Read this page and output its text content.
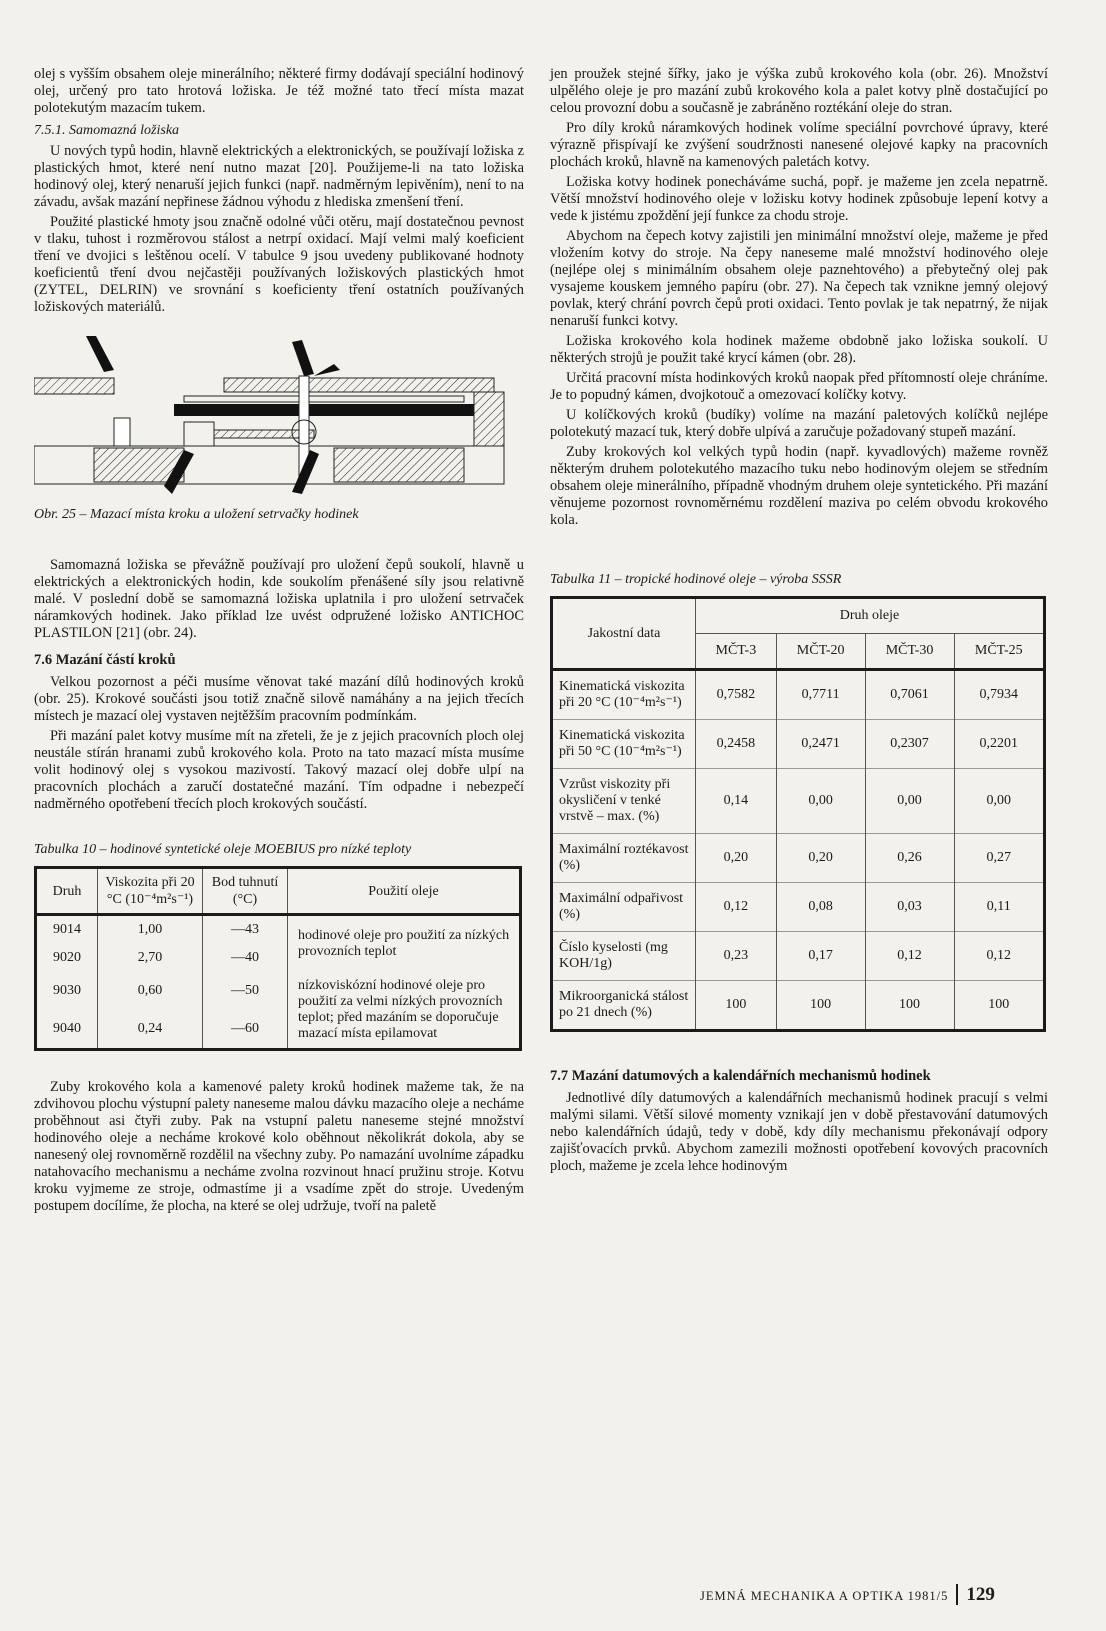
olej s vyšším obsahem oleje minerálního; některé firmy dodávají speciální hodinový olej, určený pro tato hrotová ložiska. Je též možné tato třecí místa mazat polotekutým mazacím tukem.

7.5.1. Samomazná ložiska

U nových typů hodin, hlavně elektrických a elektronických, se používají ložiska z plastických hmot, které není nutno mazat [20]. Použijeme-li na tato ložiska hodinový olej, který nenaruší jejich funkci (např. nadměrným lepivěním), není to na závadu, avšak mazání nepřinese žádnou výhodu z hlediska zmenšení tření.

Použité plastické hmoty jsou značně odolné vůči otěru, mají dostatečnou pevnost v tlaku, tuhost i rozměrovou stálost a netrpí oxidací. Mají velmi malý koeficient tření ve dvojici s leštěnou ocelí. V tabulce 9 jsou uvedeny publikované hodnoty koeficientů tření dvou nejčastěji používaných ložiskových plastických hmot (ZYTEL, DELRIN) ve srovnání s koeficienty tření ostatních používaných ložiskových materiálů.

Obr. 25 – Mazací místa kroku a uložení setrvačky hodinek

Samomazná ložiska se převážně používají pro uložení čepů soukolí, hlavně u elektrických a elektronických hodin, kde soukolím přenášené síly jsou relativně malé. V poslední době se samomazná ložiska uplatnila i pro uložení setrvaček náramkových hodinek. Jako příklad lze uvést odpružené ložisko ANTICHOC PLASTILON [21] (obr. 24).

7.6 Mazání částí kroků

Velkou pozornost a péči musíme věnovat také mazání dílů hodinových kroků (obr. 25). Krokové součásti jsou totiž značně silově namáhány a na jejich třecích místech je mazací olej vystaven nejtěžším pracovním podmínkám.

Při mazání palet kotvy musíme mít na zřeteli, že je z jejich pracovních ploch olej neustále stírán hranami zubů krokového kola. Proto na tato mazací místa musíme volit hodinový olej s vysokou mazivostí. Takový mazací olej dobře ulpí na pracovních plochách a zaručí dostatečné mazání. Tím odpadne i nebezpečí nadměrného opotřebení třecích ploch krokových součástí.

Tabulka 10 – hodinové syntetické oleje MOEBIUS pro nízké teploty
Druh	Viskozita při 20 °C (10⁻⁴m²s⁻¹)	Bod tuhnutí (°C)	Použití oleje
9014	1,00	—43	hodinové oleje pro použití za nízkých provozních teplot
9020	2,70	—40	
9030	0,60	—50	nízkoviskózní hodinové oleje pro použití za velmi nízkých provozních teplot; před mazáním se doporučuje mazací místa epilamovat
9040	0,24	—60	

Zuby krokového kola a kamenové palety kroků hodinek mažeme tak, že na zdvihovou plochu výstupní palety naneseme malou dávku mazacího oleje a necháme proběhnout asi čtyři zuby. Pak na vstupní paletu naneseme stejné množství hodinového oleje a necháme krokové kolo oběhnout několikrát dokola, aby se nanesený olej rovnoměrně rozdělil na všechny zuby. Po namazání uvolníme západku natahovacího mechanismu a necháme zvolna rozvinout hnací pružinu stroje. Kotvu kroku vyjmeme ze stroje, odmastíme ji a vsadíme zpět do stroje. Uvedeným postupem docílíme, že plocha, na které se olej udržuje, tvoří na paletě

jen proužek stejné šířky, jako je výška zubů krokového kola (obr. 26). Množství ulpělého oleje je pro mazání zubů krokového kola a palet kotvy plně dostačující po celou provozní dobu a současně je zabráněno roztékání oleje do stran.

Pro díly kroků náramkových hodinek volíme speciální povrchové úpravy, které výrazně přispívají ke zvýšení soudržnosti nanesené olejové kapky na pracovních plochách kroků, hlavně na kamenových paletách kotvy.

Ložiska kotvy hodinek ponecháváme suchá, popř. je mažeme jen zcela nepatrně. Větší množství hodinového oleje v ložisku kotvy hodinek způsobuje lepení kotvy a vede k jistému zpoždění její funkce za chodu stroje.

Abychom na čepech kotvy zajistili jen minimální množství oleje, mažeme je před vložením kotvy do stroje. Na čepy naneseme malé množství hodinového oleje (nejlépe olej s minimálním obsahem oleje paznehtového) a přebytečný olej pak vysajeme kouskem jemného papíru (obr. 27). Na čepech tak vznikne jemný olejový povlak, který chrání povrch čepů proti oxidaci. Tento povlak je tak nepatrný, že nijak nenaruší funkci kotvy.

Ložiska krokového kola hodinek mažeme obdobně jako ložiska soukolí. U některých strojů je použit také krycí kámen (obr. 28).

Určitá pracovní místa hodinkových kroků naopak před přítomností oleje chráníme. Je to popudný kámen, dvojkotouč a omezovací kolíčky kotvy.

U kolíčkových kroků (budíky) volíme na mazání paletových kolíčků nejlépe polotekutý mazací tuk, který dobře ulpívá a zaručuje požadovaný stupeň mazání.

Zuby krokových kol velkých typů hodin (např. kyvadlových) mažeme rovněž některým druhem polotekutého mazacího tuku nebo hodinovým olejem se středním obsahem oleje minerálního, případně vhodným druhem oleje syntetického. Při mazání věnujeme pozornost rovnoměrnému rozdělení maziva po celém obvodu krokového kola.

Tabulka 11 – tropické hodinové oleje – výroba SSSR
Jakostní data	Druh oleje			
	MČT-3	MČT-20	MČT-30	MČT-25
Kinematická viskozita při 20 °C (10⁻⁴m²s⁻¹)	0,7582	0,7711	0,7061	0,7934
Kinematická viskozita při 50 °C (10⁻⁴m²s⁻¹)	0,2458	0,2471	0,2307	0,2201
Vzrůst viskozity při okysličení v tenké vrstvě – max. (%)	0,14	0,00	0,00	0,00
Maximální roztékavost (%)	0,20	0,20	0,26	0,27
Maximální odpařivost (%)	0,12	0,08	0,03	0,11
Číslo kyselosti (mg KOH/1g)	0,23	0,17	0,12	0,12
Mikroorganická stálost po 21 dnech (%)	100	100	100	100
7.7 Mazání datumových a kalendářních mechanismů hodinek

Jednotlivé díly datumových a kalendářních mechanismů hodinek pracují s velmi malými silami. Větší silové momenty vznikají jen v době přestavování datumových nebo kalendářních údajů, tedy v době, kdy díly mechanismu překonávají odpory zajišťovacích prvků. Abychom zamezili možnosti opotřebení kovových pracovních ploch, mažeme je zcela lehce hodinovým

JEMNÁ MECHANIKA A OPTIKA 1981/5 129
